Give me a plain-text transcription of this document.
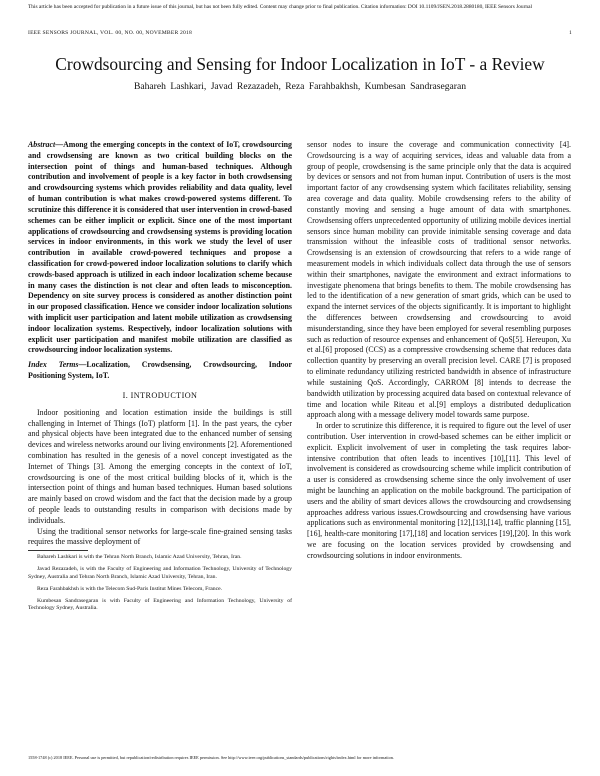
This article has been accepted for publication in a future issue of this journal, but has not been fully edited. Content may change prior to final publication. Citation information: DOI 10.1109/JSEN.2018.2880180, IEEE Sensors Journal
IEEE SENSORS JOURNAL, VOL. 00, NO. 00, NOVEMBER 2018	1
Crowdsourcing and Sensing for Indoor Localization in IoT - a Review
Bahareh Lashkari, Javad Rezazadeh, Reza Farahbakhsh, Kumbesan Sandrasegaran

Abstract—Among the emerging concepts in the context of IoT, crowdsourcing and crowdsensing are known as two critical building blocks on the intersection point of things and human-based techniques. Although contribution and involvement of people is a key factor in both crowdsensing and crowdsourcing systems which provides reliability and data quality, level of human contribution is what makes crowd-powered systems different. To scrutinize this difference it is considered that user intervention in crowd-based schemes can be either implicit or explicit. Since one of the most important applications of crowdsourcing and crowdsensing systems is providing location services in indoor environments, in this work we study the level of user contribution in available crowd-powered techniques and propose a classification for crowd-powered indoor localization solutions to clarify which crowds-based approach is utilized in each indoor localization scheme because in many cases the distinction is not clear and often leads to misconception. Dependency on site survey process is considered as another distinction point in our proposed classification. Hence we consider indoor localization solutions with implicit user participation and latent mobile utilization as crowdsensing indoor localization systems. Respectively, indoor localization solutions with explicit user participation and manifest mobile utilization are classified as crowdsourcing indoor localization systems.

Index Terms—Localization, Crowdsensing, Crowdsourcing, Indoor Positioning System, IoT.

I. INTRODUCTION

Indoor positioning and location estimation inside the buildings is still challenging in Internet of Things (IoT) platform [1]. In the past years, the cyber and physical objects have been integrated due to the enhanced number of sensing devices and wireless networks around our living environments [2]. Aforementioned combination has resulted in the genesis of a novel concept investigated as the Internet of Things [3]. Among the emerging concepts in the context of IoT, crowdsourcing is one of the most critical building blocks of it, which is the intersection point of things and human based techniques. Human based solutions are mainly based on crowd wisdom and the fact that the decision made by a group of people leads to outstanding results in comparison with decisions made by individuals.

Using the traditional sensor networks for large-scale fine-grained sensing tasks requires the massive deployment of

Bahareh Lashkari is with the Tehran North Branch, Islamic Azad University, Tehran, Iran.

Javad Rezazadeh, is with the Faculty of Engineering and Information Technology, University of Technology Sydney, Australia and Tehran North Branch, Islamic Azad University, Tehran, Iran.

Reza Farahbakhsh is with the Telecom Sud-Paris Institut Mines Telecom, France.

Kumbesan Sandrasegaran is with Faculty of Engineering and Information Technology, University of Technology Sydney, Australia.

sensor nodes to insure the coverage and communication connectivity [4]. Crowdsourcing is a way of acquiring services, ideas and valuable data from a group of people, crowdsensing is the same principle only that the data is acquired by devices or sensors and not from human input. Contribution of users is the most important factor of any crowdsensing system which facilitates reliability, sensing area coverage and data quality. Mobile crowdsensing refers to the ability of constantly moving and sensing a huge amount of data with smartphones. Crowdsensing offers unprecedented opportunity of utilizing mobile devices inertial sensors since human mobility can provide inimitable sensing coverage and data transmission without the infeasible costs of traditional sensor networks. Crowdsensing is an extension of crowdsourcing that refers to a wide range of measurement models in which individuals collect data through the use of sensors within their smartphones, navigate the environment and extract informations to investigate phenomena that brings benefits to them. The mobile crowdsensing has led to the identification of a new generation of smart grids, which can be used to expand the internet services of the objects significantly. It is important to highlight the differences between crowdsensing and crowdsourcing to avoid misunderstanding, since they have been employed for several resembling purposes such as reduction of resource expenses and enhancement of QoS[5]. Hereupon, Xu et al.[6] proposed (CCS) as a compressive crowdsensing scheme that reduces data collection quantity by preserving an overall precision level. CARE [7] is proposed to eliminate redundancy utilizing restricted bandwidth in absence of infrastructure while sustaining QoS. Accordingly, CARROM [8] intends to decrease the bandwidth utilization by processing acquired data based on contextual relevance of time and location while Riteau et al.[9] employs a distributed deduplication approach along with a message delivery model towards same purpose.

In order to scrutinize this difference, it is required to figure out the level of user contribution. User intervention in crowd-based schemes can be either implicit or explicit. Explicit involvement of user in completing the task requires labor-intensive contribution that often leads to incentives [10],[11]. This level of involvement is considered as crowdsourcing scheme while implicit contribution of a user is considered as crowdsensing scheme since the only involvement of user might be launching an application on the mobile background. The participation of users and the ability of smart devices allows the crowdsourcing and crowdsensing approaches address various issues.Crowdsourcing and crowdsensing have various applications such as environmental monitoring [12],[13],[14], traffic planning [15],[16], health-care monitoring [17],[18] and location services [19],[20]. In this work we are focusing on the location services provided by crowdsensing and crowdsourcing solutions in indoor environments.

1558-1748 (c) 2018 IEEE. Personal use is permitted, but republication/redistribution requires IEEE permission. See http://www.ieee.org/publications_standards/publications/rights/index.html for more information.
